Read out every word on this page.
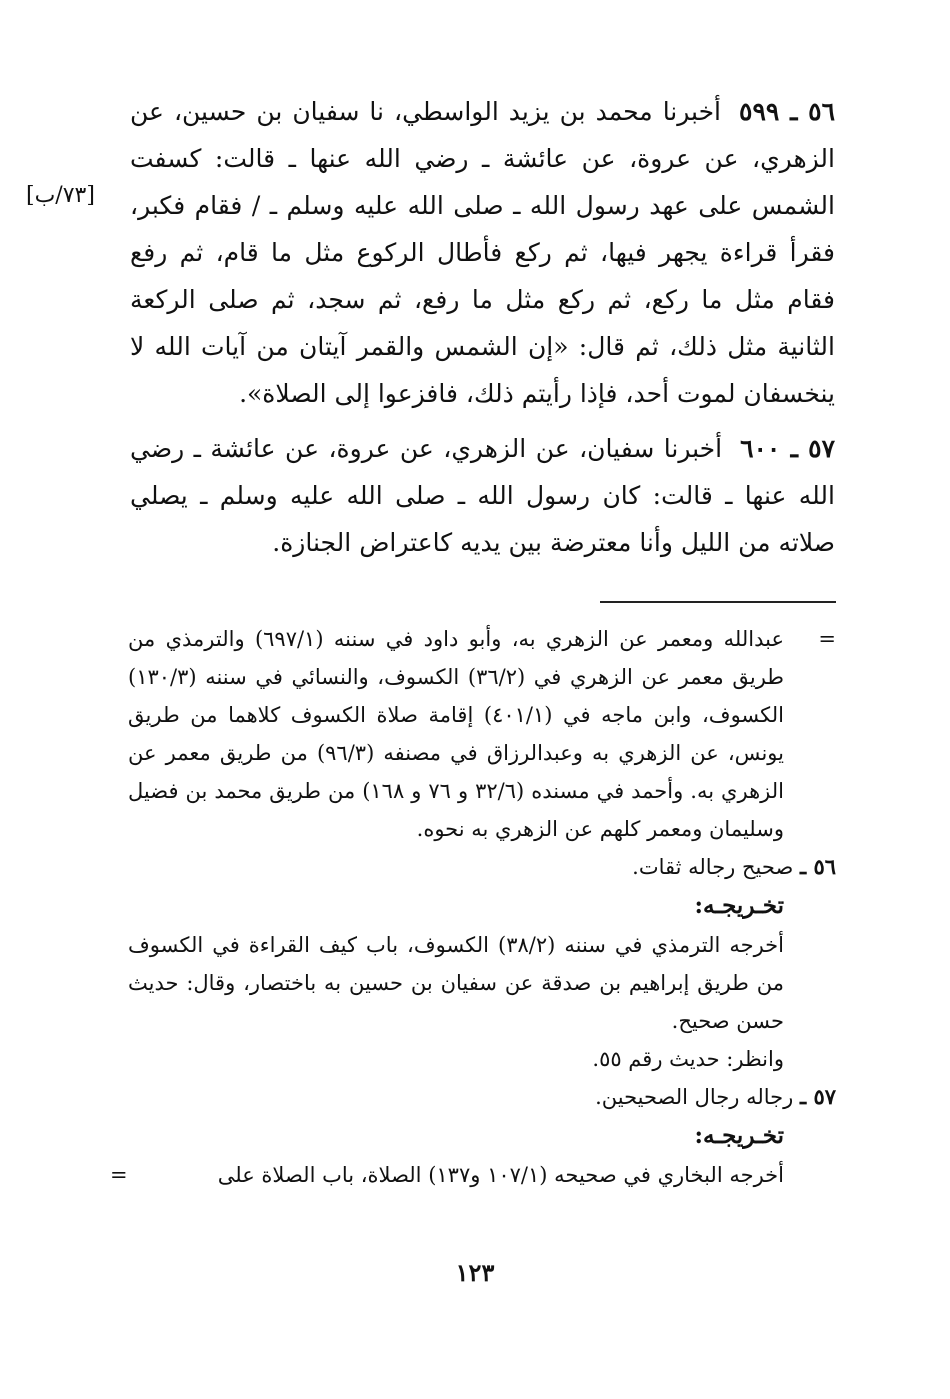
[٧٣/ب]

٥٦ ـ ٥٩٩أخبرنا محمد بن يزيد الواسطي، نا سفيان بن حسين، عن الزهري، عن عروة، عن عائشة ـ رضي الله عنها ـ قالت: كسفت الشمس على عهد رسول الله ـ صلى الله عليه وسلم ـ / فقام فكبر، فقرأ قراءة يجهر فيها، ثم ركع فأطال الركوع مثل ما قام، ثم رفع فقام مثل ما ركع، ثم ركع مثل ما رفع، ثم سجد، ثم صلى الركعة الثانية مثل ذلك، ثم قال: «إن الشمس والقمر آيتان من آيات الله لا ينخسفان لموت أحد، فإذا رأيتم ذلك، فافزعوا إلى الصلاة».

٥٧ ـ ٦٠٠أخبرنا سفيان، عن الزهري، عن عروة، عن عائشة ـ رضي الله عنها ـ قالت: كان رسول الله ـ صلى الله عليه وسلم ـ يصلي صلاته من الليل وأنا معترضة بين يديه كاعتراض الجنازة.

=
عبدالله ومعمر عن الزهري به، وأبو داود في سننه (٦٩٧/١) والترمذي من طريق معمر عن الزهري في (٣٦/٢) الكسوف، والنسائي في سننه (١٣٠/٣) الكسوف، وابن ماجه في (٤٠١/١) إقامة صلاة الكسوف كلاهما من طريق يونس، عن الزهري به وعبدالرزاق في مصنفه (٩٦/٣) من طريق معمر عن الزهري به. وأحمد في مسنده (٣٢/٦ و ٧٦ و ١٦٨) من طريق محمد بن فضيل وسليمان ومعمر كلهم عن الزهري به نحوه.
٥٦ ـ صحيح رجاله ثقات.
تخـريجـه:
أخرجه الترمذي في سننه (٣٨/٢) الكسوف، باب كيف القراءة في الكسوف من طريق إبراهيم بن صدقة عن سفيان بن حسين به باختصار، وقال: حديث حسن صحيح.
وانظر: حديث رقم ٥٥.
٥٧ ـ رجاله رجال الصحيحين.
تخـريجـه:
أخرجه البخاري في صحيحه (١٠٧/١ و١٣٧) الصلاة، باب الصلاة على
=
١٢٣
